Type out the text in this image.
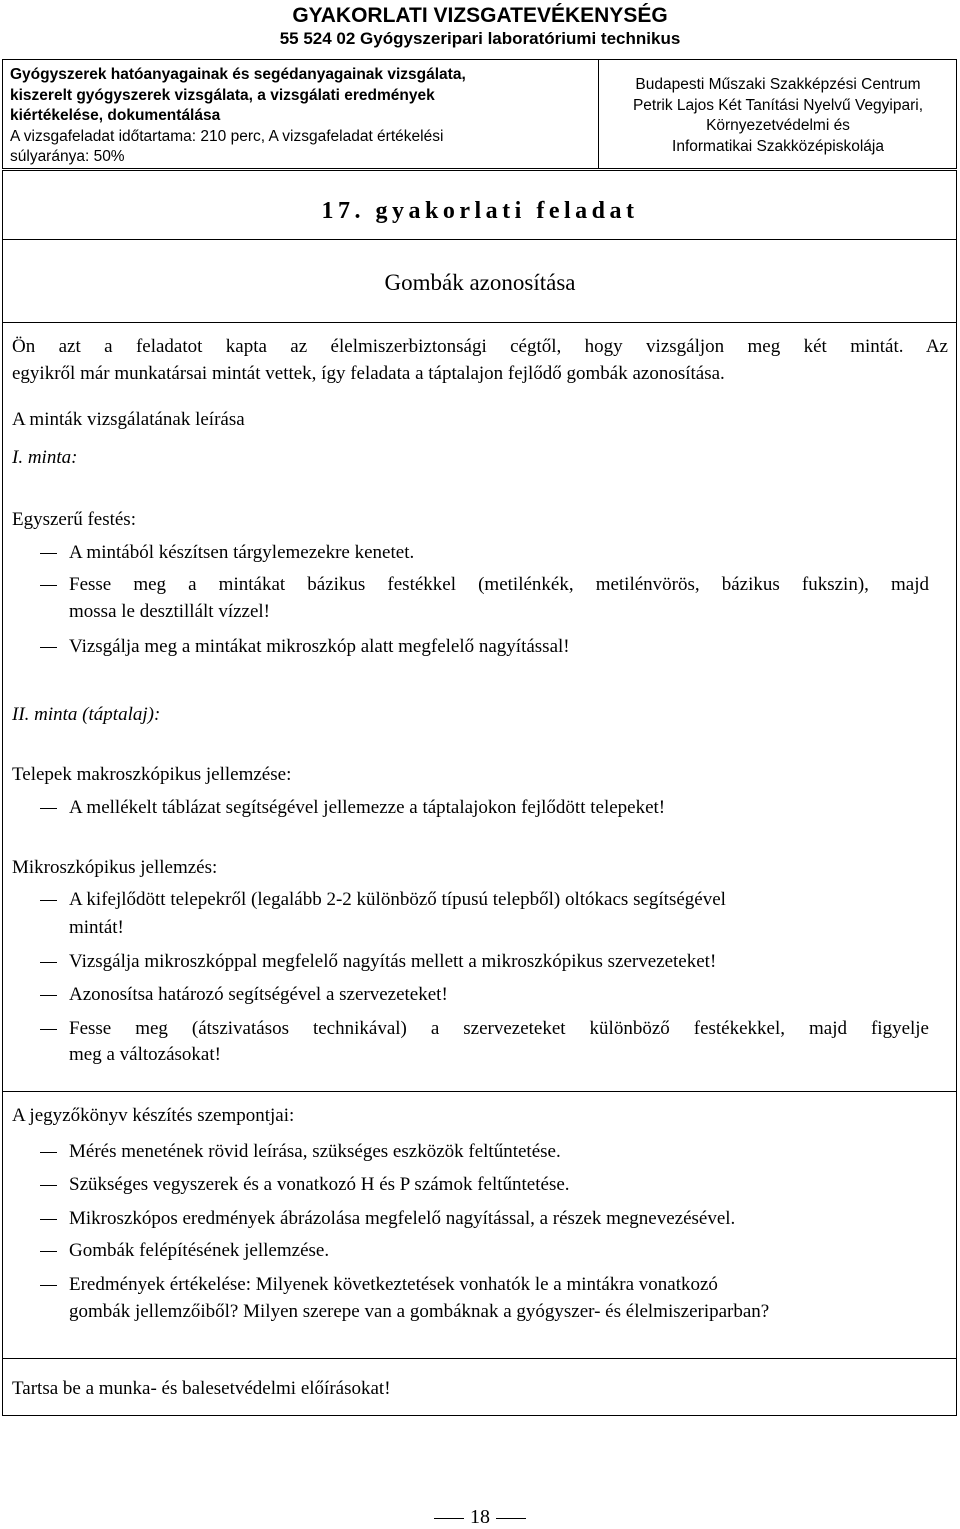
GYAKORLATI VIZSGATEVÉKENYSÉG
55 524 02 Gyógyszeripari laboratóriumi technikus
Gyógyszerek hatóanyagainak és segédanyagainak vizsgálata,
kiszerelt gyógyszerek vizsgálata, a vizsgálati eredmények
kiértékelése, dokumentálása
A vizsgafeladat időtartama: 210 perc, A vizsgafeladat értékelési
súlyaránya: 50%
Budapesti Műszaki Szakképzési Centrum
Petrik Lajos Két Tanítási Nyelvű Vegyipari,
Környezetvédelmi és
Informatikai Szakközépiskolája
17. gyakorlati feladat
Gombák azonosítása
Ön azt a feladatot kapta az élelmiszerbiztonsági cégtől, hogy vizsgáljon meg két mintát. Az
egyikről már munkatársai mintát vettek, így feladata a táptalajon fejlődő gombák azonosítása.
A minták vizsgálatának leírása
I. minta:
Egyszerű festés:
A mintából készítsen tárgylemezekre kenetet.
Fesse meg a mintákat bázikus festékkel (metilénkék, metilénvörös, bázikus fukszin), majd
mossa le desztillált vízzel!
Vizsgálja meg a mintákat mikroszkóp alatt megfelelő nagyítással!
II. minta (táptalaj):
Telepek makroszkópikus jellemzése:
A mellékelt táblázat segítségével jellemezze a táptalajokon fejlődött telepeket!
Mikroszkópikus jellemzés:
A kifejlődött telepekről (legalább 2-2 különböző típusú telepből) oltókacs segítségével
mintát!
Vizsgálja mikroszkóppal megfelelő nagyítás mellett a mikroszkópikus szervezeteket!
Azonosítsa határozó segítségével a szervezeteket!
Fesse meg (átszivatásos technikával) a szervezeteket különböző festékekkel, majd figyelje
meg a változásokat!
A jegyzőkönyv készítés szempontjai:
Mérés menetének rövid leírása, szükséges eszközök feltűntetése.
Szükséges vegyszerek és a vonatkozó H és P számok feltűntetése.
Mikroszkópos eredmények ábrázolása megfelelő nagyítással, a részek megnevezésével.
Gombák felépítésének jellemzése.
Eredmények értékelése: Milyenek következtetések vonhatók le a mintákra vonatkozó
gombák jellemzőiből? Milyen szerepe van a gombáknak a gyógyszer- és élelmiszeriparban?
Tartsa be a munka- és balesetvédelmi előírásokat!
18
